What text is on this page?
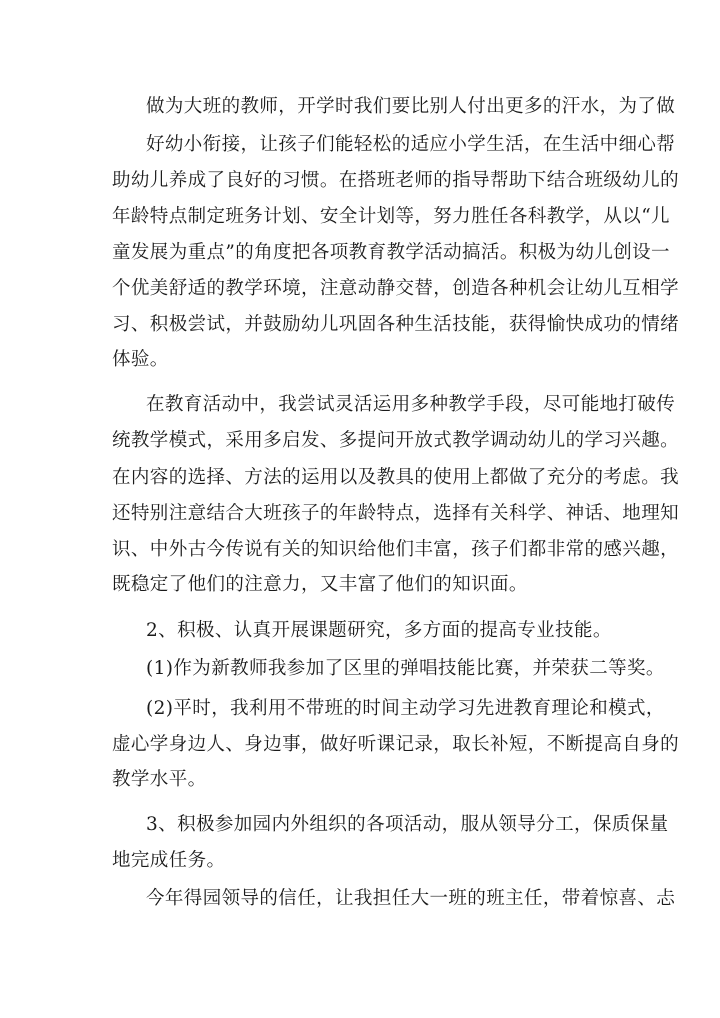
做为大班的教师，开学时我们要比别人付出更多的汗水，为了做

好幼小衔接，让孩子们能轻松的适应小学生活，在生活中细心帮

助幼儿养成了良好的习惯。在搭班老师的指导帮助下结合班级幼儿的

年龄特点制定班务计划、安全计划等，努力胜任各科教学，从以“儿

童发展为重点”的角度把各项教育教学活动搞活。积极为幼儿创设一

个优美舒适的教学环境，注意动静交替，创造各种机会让幼儿互相学

习、积极尝试，并鼓励幼儿巩固各种生活技能，获得愉快成功的情绪

体验。

在教育活动中，我尝试灵活运用多种教学手段，尽可能地打破传

统教学模式，采用多启发、多提问开放式教学调动幼儿的学习兴趣。

在内容的选择、方法的运用以及教具的使用上都做了充分的考虑。我

还特别注意结合大班孩子的年龄特点，选择有关科学、神话、地理知

识、中外古今传说有关的知识给他们丰富，孩子们都非常的感兴趣，

既稳定了他们的注意力，又丰富了他们的知识面。

2、积极、认真开展课题研究，多方面的提高专业技能。

(1)作为新教师我参加了区里的弹唱技能比赛，并荣获二等奖。

(2)平时，我利用不带班的时间主动学习先进教育理论和模式，

虚心学身边人、身边事，做好听课记录，取长补短，不断提高自身的

教学水平。

3、积极参加园内外组织的各项活动，服从领导分工，保质保量

地完成任务。

今年得园领导的信任，让我担任大一班的班主任，带着惊喜、忐
